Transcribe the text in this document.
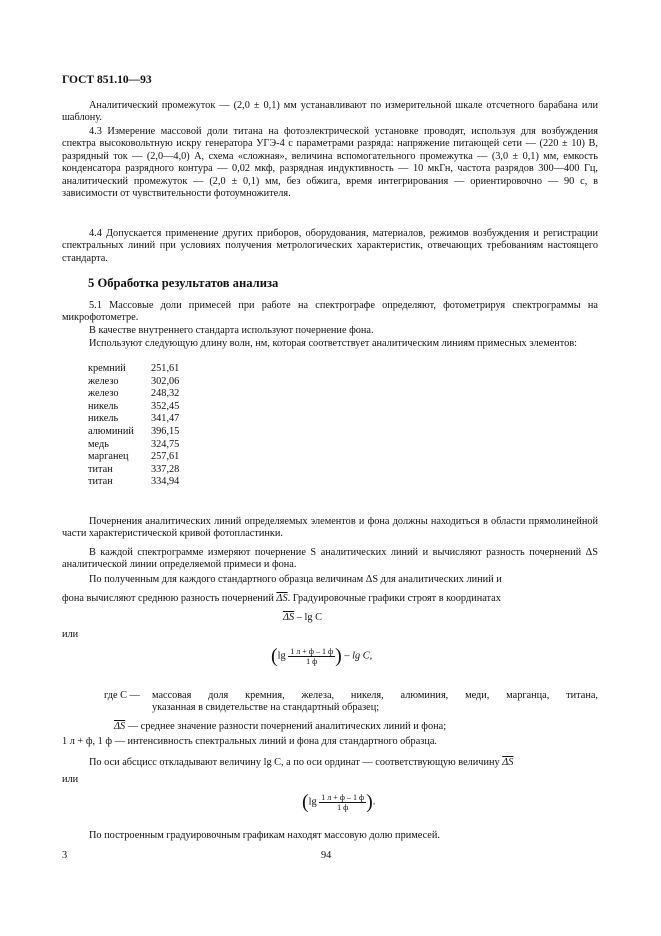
ГОСТ 851.10—93
Аналитический промежуток — (2,0 ± 0,1) мм устанавливают по измерительной шкале отсчетного барабана или шаблону.
4.3 Измерение массовой доли титана на фотоэлектрической установке проводят, используя для возбуждения спектра высоковольтную искру генератора УГЭ-4 с параметрами разряда: напряжение питающей сети — (220 ± 10) В, разрядный ток — (2,0—4,0) А, схема «сложная», величина вспомогательного промежутка — (3,0 ± 0,1) мм, емкость конденсатора разрядного контура — 0,02 мкф, разрядная индуктивность — 10 мкГн, частота разрядов 300—400 Гц, аналитический промежуток — (2,0 ± 0,1) мм, без обжига, время интегрирования — ориентировочно — 90 с, в зависимости от чувствительности фотоумножителя.
4.4 Допускается применение других приборов, оборудования, материалов, режимов возбуждения и регистрации спектральных линий при условиях получения метрологических характеристик, отвечающих требованиям настоящего стандарта.
5 Обработка результатов анализа
5.1 Массовые доли примесей при работе на спектрографе определяют, фотометрируя спектрограммы на микрофотометре.
В качестве внутреннего стандарта используют почернение фона.
Используют следующую длину волн, нм, которая соответствует аналитическим линиям примесных элементов:
кремний 251,61
железо	302,06
железо	248,32
никель	352,45
никель	341,47
алюминий 396,15
медь	324,75
марганец 257,61
титан	337,28
титан	334,94
Почернения аналитических линий определяемых элементов и фона должны находиться в области прямолинейной части характеристической кривой фотопластинки.
В каждой спектрограмме измеряют почернение S аналитических линий и вычисляют разность почернений ΔS аналитической линии определяемой примеси и фона.
По полученным для каждого стандартного образца величинам ΔS для аналитических линий и
фона вычисляют среднюю разность почернений $\overline{\Delta S}$. Градуировочные графики строят в координатах
$\overline{\Delta S}$ – lg C
или
($\lg \frac{1 л + ф - 1 ф}{1 ф}$ ) – lg C,
где C — массовая доля кремния, железа, никеля, алюминия, меди, марганца, титана,
указанная в свидетельстве на стандартный образец;
$\overline{\Delta S}$ — среднее значение разности почернений аналитических линий и фона;
1 л + ф, 1 ф — интенсивность спектральных линий и фона для стандартного образца.
По оси абсцисс откладывают величину lg C, а по оси ординат — соответствующую величину $\overline{\Delta S}$
или
($\lg \frac{1 л + ф - 1 ф}{1 ф}$ ).
По построенным градуировочным графикам находят массовую долю примесей.
3	94
